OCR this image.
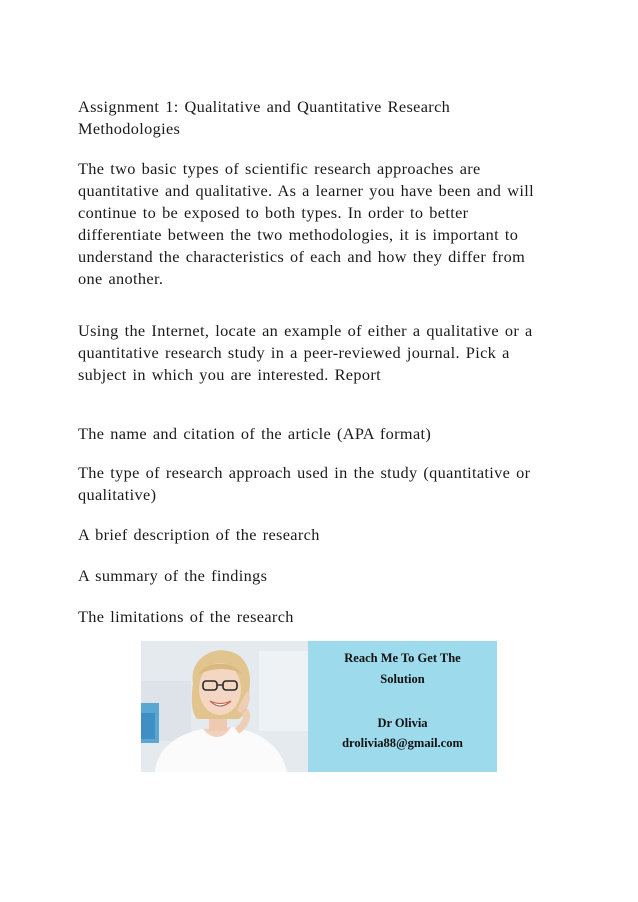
Assignment 1: Qualitative and Quantitative Research
Methodologies
The two basic types of scientific research approaches are
quantitative and qualitative. As a learner you have been and will
continue to be exposed to both types. In order to better
differentiate between the two methodologies, it is important to
understand the characteristics of each and how they differ from
one another.
Using the Internet, locate an example of either a qualitative or a
quantitative research study in a peer-reviewed journal. Pick a
subject in which you are interested. Report
The name and citation of the article (APA format)
The type of research approach used in the study (quantitative or
qualitative)
A brief description of the research
A summary of the findings
The limitations of the research
Reach Me To Get The
Solution
Dr Olivia
drolivia88@gmail.com
